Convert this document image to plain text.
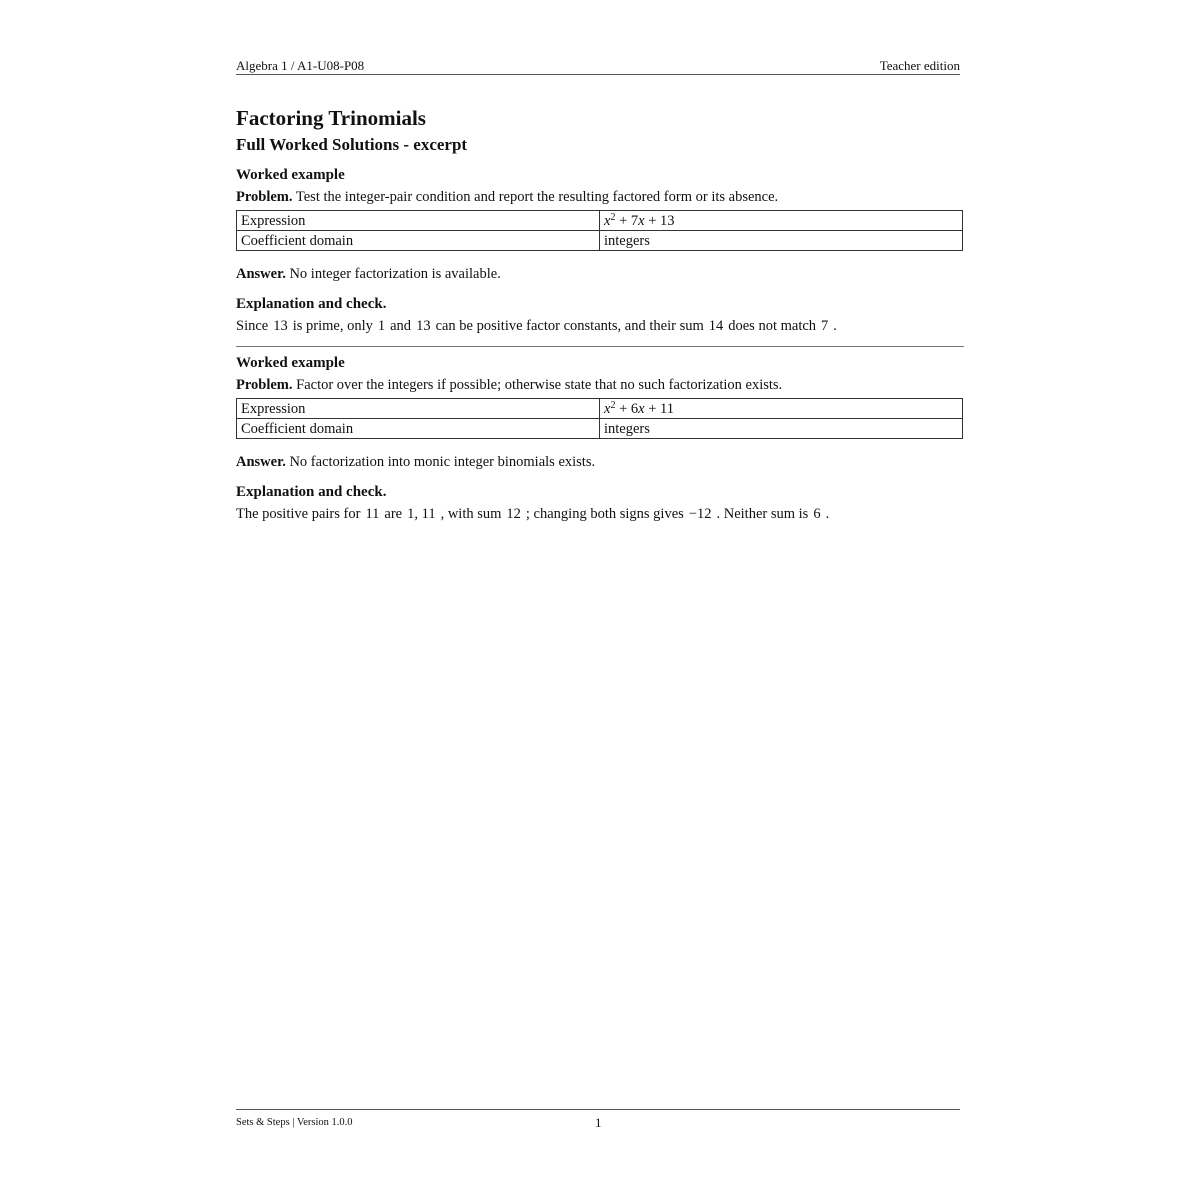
Algebra 1 / A1-U08-P08	Teacher edition
Factoring Trinomials
Full Worked Solutions - excerpt
Worked example

Problem. Test the integer-pair condition and report the resulting factored form or its absence.

Expression	$x^2 + 7x + 13$
Coefficient domain	integers

Answer. No integer factorization is available.

Explanation and check.

Since 13 is prime, only 1 and 13 can be positive factor constants, and their sum 14 does not match 7 .

Worked example

Problem. Factor over the integers if possible; otherwise state that no such factorization exists.

Expression	$x^2 + 6x + 11$
Coefficient domain	integers

Answer. No factorization into monic integer binomials exists.

Explanation and check.

The positive pairs for 11 are 1, 11 , with sum 12 ; changing both signs gives −12 . Neither sum is 6 .

Sets & Steps | Version 1.0.0	1
